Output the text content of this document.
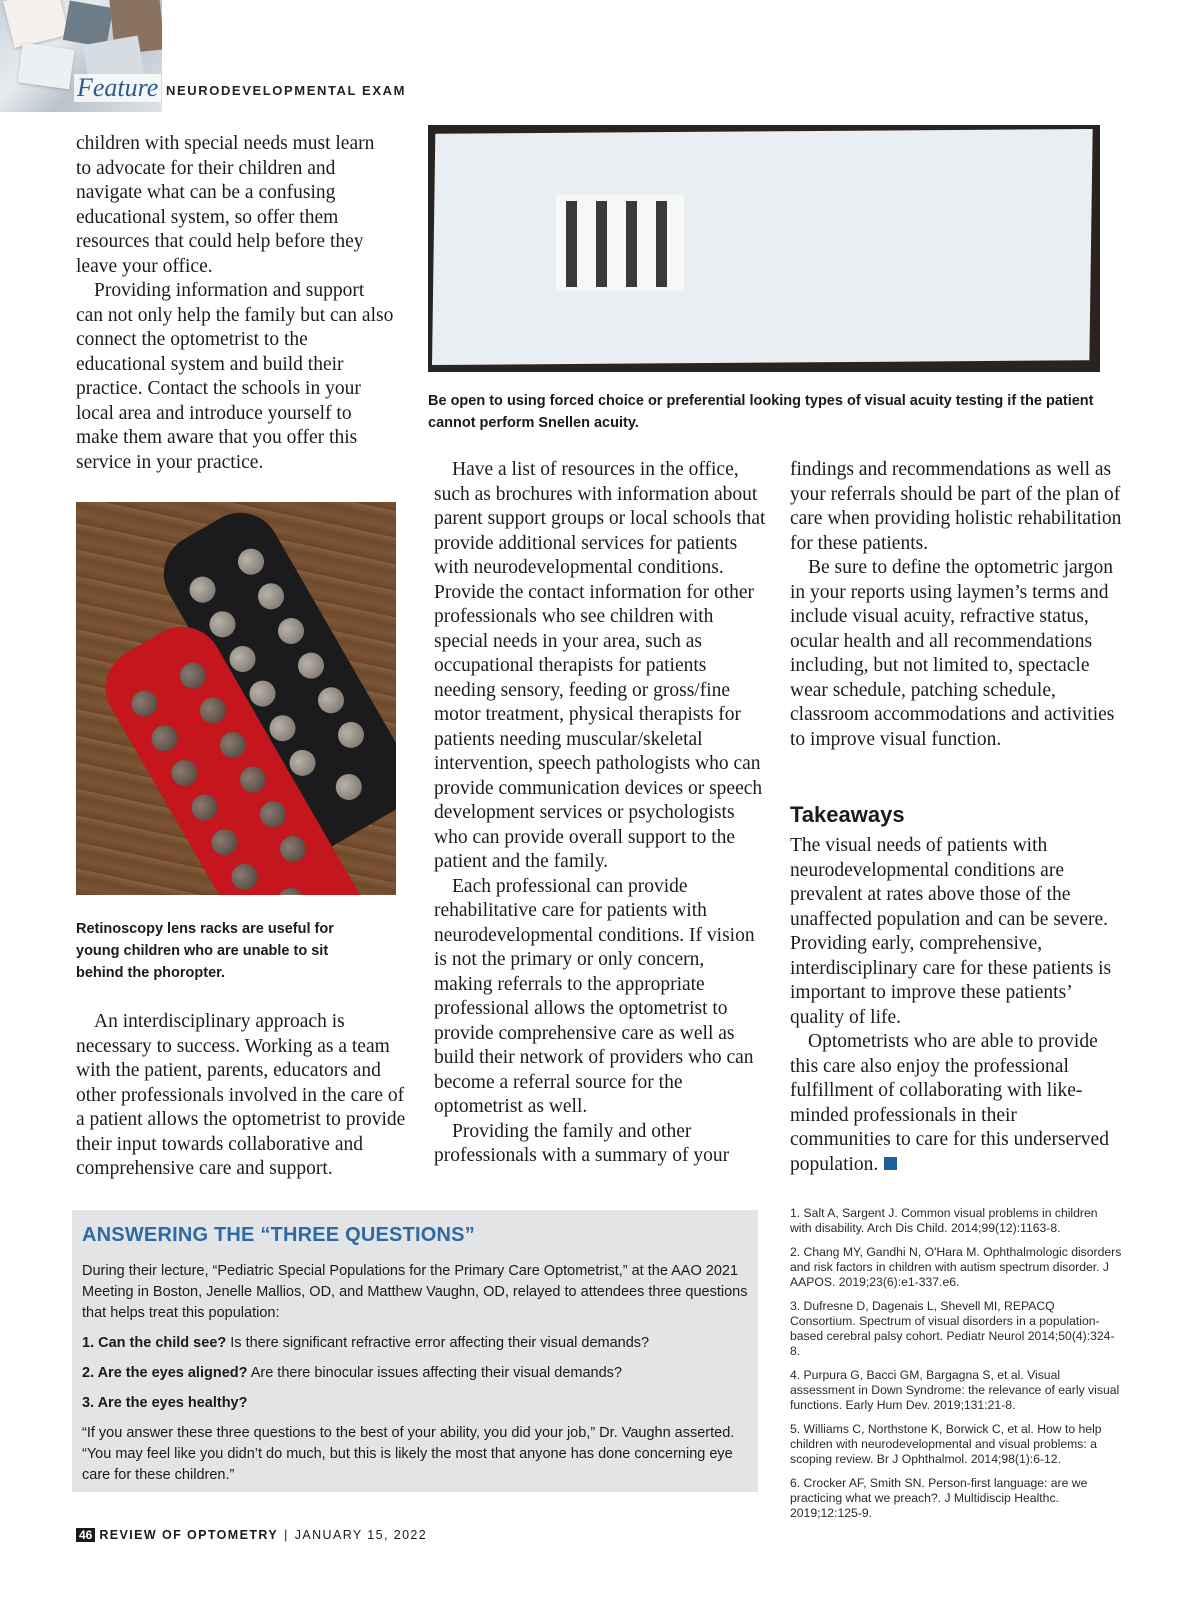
Feature NEURODEVELOPMENTAL EXAM

children with special needs must learn to advocate for their children and navigate what can be a confusing educational system, so offer them resources that could help before they leave your office.

Providing information and support can not only help the family but can also connect the optometrist to the educational system and build their practice. Contact the schools in your local area and introduce yourself to make them aware that you offer this service in your practice.

Retinoscopy lens racks are useful for young children who are unable to sit behind the phoropter.

An interdisciplinary approach is necessary to success. Working as a team with the patient, parents, educators and other professionals involved in the care of a patient allows the optometrist to provide their input towards collaborative and comprehensive care and support.

Be open to using forced choice or preferential looking types of visual acuity testing if the patient cannot perform Snellen acuity.

Have a list of resources in the office, such as brochures with information about parent support groups or local schools that provide additional services for patients with neurodevelopmental conditions. Provide the contact information for other professionals who see children with special needs in your area, such as occupational therapists for patients needing sensory, feeding or gross/fine motor treatment, physical therapists for patients needing muscular/skeletal intervention, speech pathologists who can provide communication devices or speech development services or psychologists who can provide overall support to the patient and the family.

Each professional can provide rehabilitative care for patients with neurodevelopmental conditions. If vision is not the primary or only concern, making referrals to the appropriate professional allows the optometrist to provide comprehensive care as well as build their network of providers who can become a referral source for the optometrist as well.

Providing the family and other professionals with a summary of your

findings and recommendations as well as your referrals should be part of the plan of care when providing holistic rehabilitation for these patients.

Be sure to define the optometric jargon in your reports using laymen’s terms and include visual acuity, refractive status, ocular health and all recommendations including, but not limited to, spectacle wear schedule, patching schedule, classroom accommodations and activities to improve visual function.

Takeaways

The visual needs of patients with neurodevelopmental conditions are prevalent at rates above those of the unaffected population and can be severe. Providing early, comprehensive, interdisciplinary care for these patients is important to improve these patients’ quality of life.

Optometrists who are able to provide this care also enjoy the professional fulfillment of collaborating with like-minded professionals in their communities to care for this underserved population.

ANSWERING THE “THREE QUESTIONS”

During their lecture, “Pediatric Special Populations for the Primary Care Optometrist,” at the AAO 2021 Meeting in Boston, Jenelle Mallios, OD, and Matthew Vaughn, OD, relayed to attendees three questions that helps treat this population:

1. Can the child see? Is there significant refractive error affecting their visual demands?

2. Are the eyes aligned? Are there binocular issues affecting their visual demands?

3. Are the eyes healthy?

“If you answer these three questions to the best of your ability, you did your job,” Dr. Vaughn asserted. “You may feel like you didn’t do much, but this is likely the most that anyone has done concerning eye care for these children.”

1. Salt A, Sargent J. Common visual problems in children with disability. Arch Dis Child. 2014;99(12):1163-8.
2. Chang MY, Gandhi N, O'Hara M. Ophthalmologic disorders and risk factors in children with autism spectrum disorder. J AAPOS. 2019;23(6):e1-337.e6.
3. Dufresne D, Dagenais L, Shevell MI, REPACQ Consortium. Spectrum of visual disorders in a population-based cerebral palsy cohort. Pediatr Neurol 2014;50(4):324-8.
4. Purpura G, Bacci GM, Bargagna S, et al. Visual assessment in Down Syndrome: the relevance of early visual functions. Early Hum Dev. 2019;131:21-8.
5. Williams C, Northstone K, Borwick C, et al. How to help children with neurodevelopmental and visual problems: a scoping review. Br J Ophthalmol. 2014;98(1):6-12.
6. Crocker AF, Smith SN. Person-first language: are we practicing what we preach?. J Multidiscip Healthc. 2019;12:125-9.
46 REVIEW OF OPTOMETRY | JANUARY 15, 2022
